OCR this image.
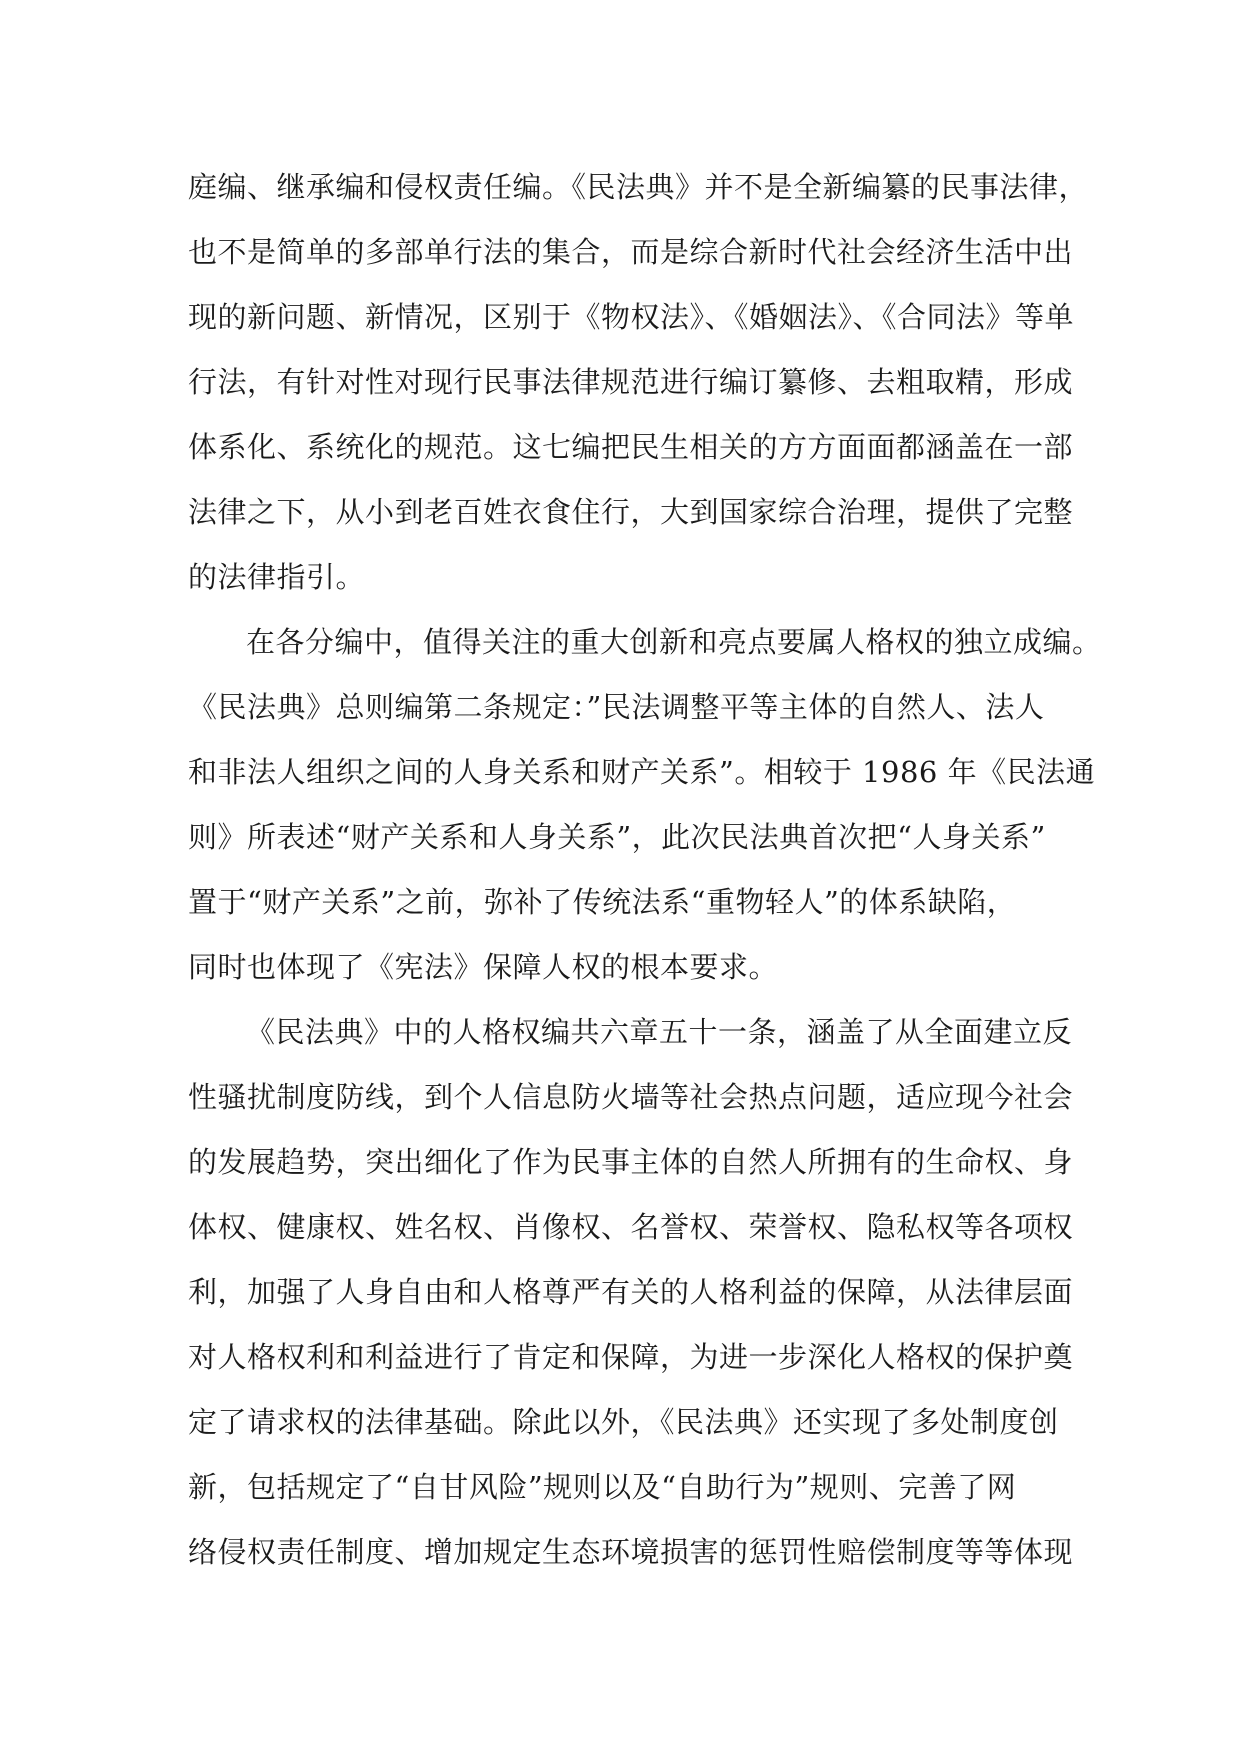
庭编、继承编和侵权责任编。《民法典》并不是全新编纂的民事法律，
也不是简单的多部单行法的集合，而是综合新时代社会经济生活中出
现的新问题、新情况，区别于《物权法》、《婚姻法》、《合同法》等单
行法，有针对性对现行民事法律规范进行编订纂修、去粗取精，形成
体系化、系统化的规范。这七编把民生相关的方方面面都涵盖在一部
法律之下，从小到老百姓衣食住行，大到国家综合治理，提供了完整
的法律指引。
在各分编中，值得关注的重大创新和亮点要属人格权的独立成编。
《民法典》总则编第二条规定：”民法调整平等主体的自然人、法人
和非法人组织之间的人身关系和财产关系”。相较于 1986 年《民法通
则》所表述“财产关系和人身关系”，此次民法典首次把“人身关系”
置于“财产关系”之前，弥补了传统法系“重物轻人”的体系缺陷，
同时也体现了《宪法》保障人权的根本要求。
《民法典》中的人格权编共六章五十一条，涵盖了从全面建立反
性骚扰制度防线，到个人信息防火墙等社会热点问题，适应现今社会
的发展趋势，突出细化了作为民事主体的自然人所拥有的生命权、身
体权、健康权、姓名权、肖像权、名誉权、荣誉权、隐私权等各项权
利，加强了人身自由和人格尊严有关的人格利益的保障，从法律层面
对人格权利和利益进行了肯定和保障，为进一步深化人格权的保护奠
定了请求权的法律基础。除此以外，《民法典》还实现了多处制度创
新，包括规定了“自甘风险”规则以及“自助行为”规则、完善了网
络侵权责任制度、增加规定生态环境损害的惩罚性赔偿制度等等体现
